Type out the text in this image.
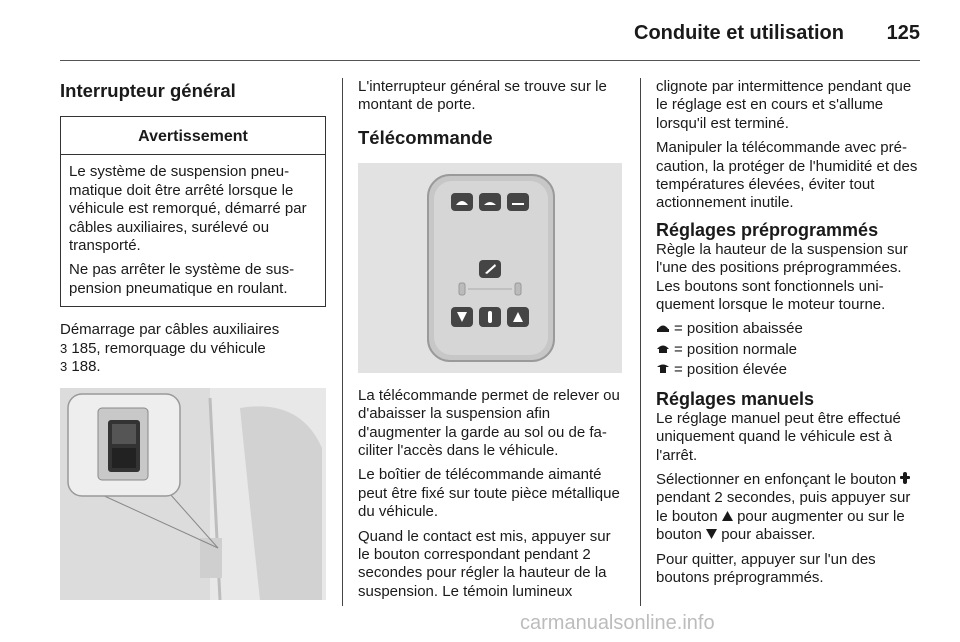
Conduite et utilisation 125
Interrupteur général
Avertissement

Le système de suspension pneumatique doit être arrêté lorsque le véhicule est remorqué, démarré par câbles auxiliaires, surélevé ou transporté.

Ne pas arrêter le système de suspension pneumatique en roulant.

Démarrage par câbles auxiliaires
3 185, remorquage du véhicule
3 188.

L'interrupteur général se trouve sur le montant de porte.

Télécommande

La télécommande permet de relever ou d'abaisser la suspension afin d'augmenter la garde au sol ou de faciliter l'accès dans le véhicule.

Le boîtier de télécommande aimanté peut être fixé sur toute pièce métallique du véhicule.

Quand le contact est mis, appuyer sur le bouton correspondant pendant 2 secondes pour régler la hauteur de la suspension. Le témoin lumineux

clignote par intermittence pendant que le réglage est en cours et s'allume lorsqu'il est terminé.

Manipuler la télécommande avec précaution, la protéger de l'humidité et des températures élevées, éviter tout actionnement inutile.

Réglages préprogrammés

Règle la hauteur de la suspension sur l'une des positions préprogrammées. Les boutons sont fonctionnels uniquement lorsque le moteur tourne.

= position abaissée
= position normale
= position élevée
Réglages manuels

Le réglage manuel peut être effectué uniquement quand le véhicule est à l'arrêt.

Sélectionner en enfonçant le bouton  pendant 2 secondes, puis appuyer sur le bouton  pour augmenter ou sur le bouton  pour abaisser.

Pour quitter, appuyer sur l'un des boutons préprogrammés.

carmanualsonline.info
